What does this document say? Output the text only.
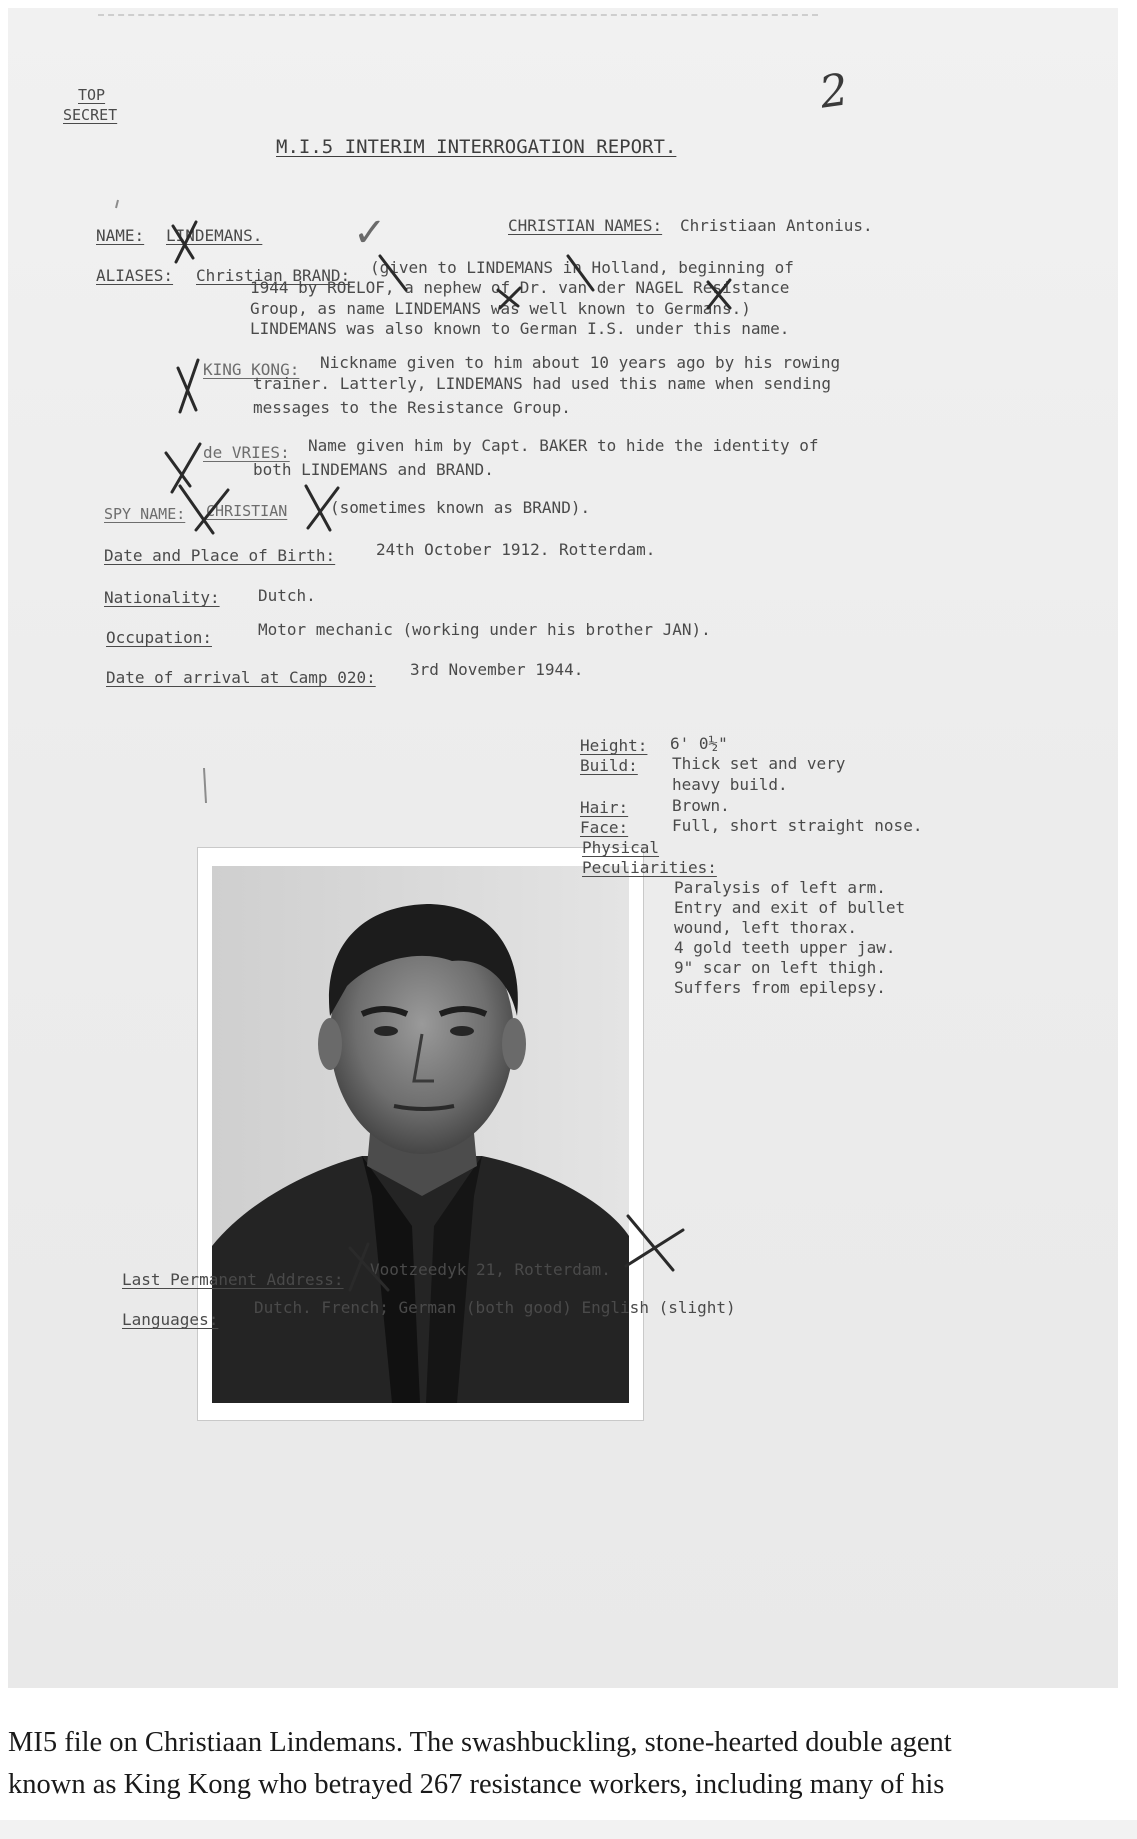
TOP
SECRET	2
M.I.5 INTERIM INTERROGATION REPORT.
NAME: LINDEMANS.
CHRISTIAN NAMES: Christiaan Antonius.
✓
ALIASES: Christian BRAND: (given to LINDEMANS in Holland, beginning of
1944 by ROELOF, a nephew of Dr. van der NAGEL Resistance
Group, as name LINDEMANS was well known to Germans.)
LINDEMANS was also known to German I.S. under this name.
KING KONG: Nickname given to him about 10 years ago by his rowing
trainer. Latterly, LINDEMANS had used this name when sending
messages to the Resistance Group.
de VRIES: Name given him by Capt. BAKER to hide the identity of
both LINDEMANS and BRAND.
SPY NAME: CHRISTIAN	(sometimes known as BRAND).
Date and Place of Birth:	24th October 1912. Rotterdam.
Nationality: Dutch.
Occupation:	Motor mechanic (working under his brother JAN).
Date of arrival at Camp 020: 3rd November 1944.
Height: 6' 0½"
Build: Thick set and very
heavy build.
Hair:	Brown.
Face:	Full, short straight nose.
Physical
Peculiarities:
Paralysis of left arm.
Entry and exit of bullet
wound, left thorax.
4 gold teeth upper jaw.
9" scar on left thigh.
Suffers from epilepsy.
Last Permanent Address:
Vootzeedyk 21, Rotterdam.
Languages:
Dutch. French; German (both good) English (slight)
MI5 file on Christiaan Lindemans. The swashbuckling, stone-hearted double agent
known as King Kong who betrayed 267 resistance workers, including many of his
